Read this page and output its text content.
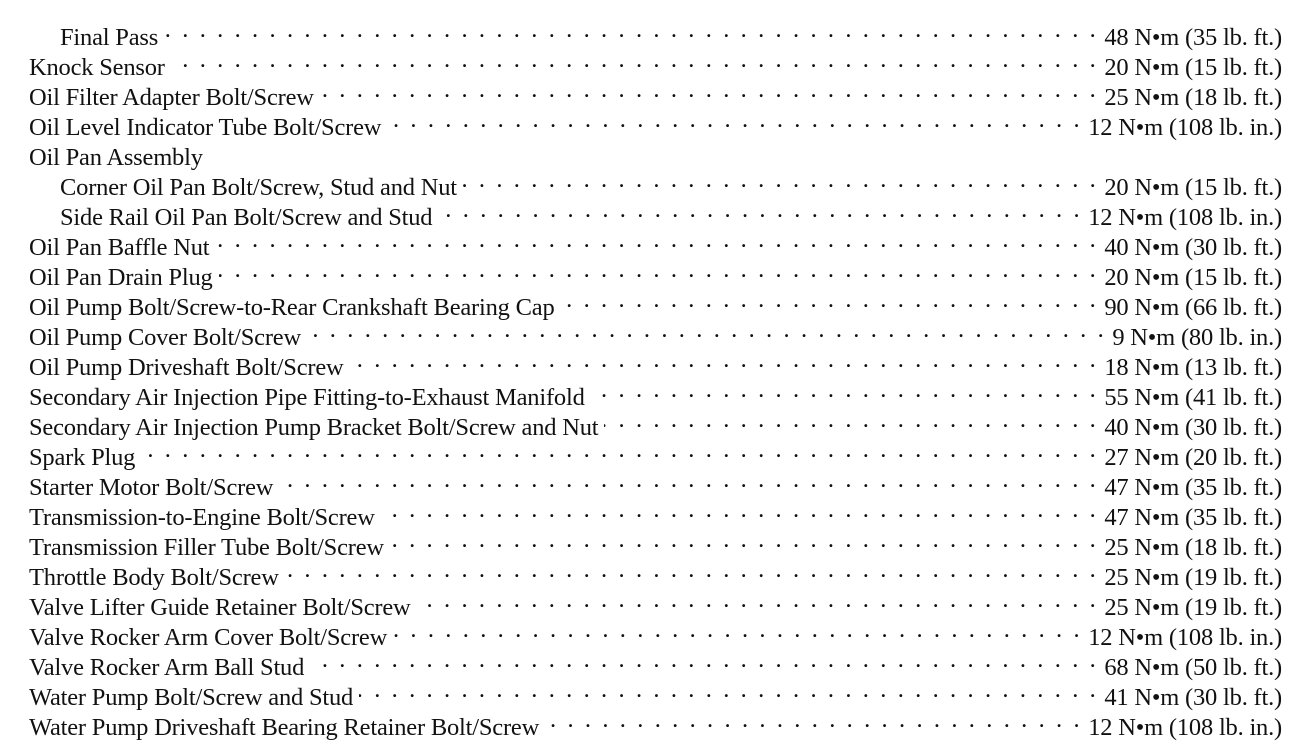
Final Pass . . .	48 N•m (35 lb. ft.)
Knock Sensor . . .	20 N•m (15 lb. ft.)
Oil Filter Adapter Bolt/Screw . . .	25 N•m (18 lb. ft.)
Oil Level Indicator Tube Bolt/Screw . . .	12 N•m (108 lb. in.)
Oil Pan Assembly
Corner Oil Pan Bolt/Screw, Stud and Nut . . .	20 N•m (15 lb. ft.)
Side Rail Oil Pan Bolt/Screw and Stud . . .	12 N•m (108 lb. in.)
Oil Pan Baffle Nut . . .	40 N•m (30 lb. ft.)
Oil Pan Drain Plug . . .	20 N•m (15 lb. ft.)
Oil Pump Bolt/Screw-to-Rear Crankshaft Bearing Cap . . .	90 N•m (66 lb. ft.)
Oil Pump Cover Bolt/Screw . . .	9 N•m (80 lb. in.)
Oil Pump Driveshaft Bolt/Screw . . .	18 N•m (13 lb. ft.)
Secondary Air Injection Pipe Fitting-to-Exhaust Manifold . . .	55 N•m (41 lb. ft.)
Secondary Air Injection Pump Bracket Bolt/Screw and Nut . . .	40 N•m (30 lb. ft.)
Spark Plug . . .	27 N•m (20 lb. ft.)
Starter Motor Bolt/Screw . . .	47 N•m (35 lb. ft.)
Transmission-to-Engine Bolt/Screw . . .	47 N•m (35 lb. ft.)
Transmission Filler Tube Bolt/Screw . . .	25 N•m (18 lb. ft.)
Throttle Body Bolt/Screw . . .	25 N•m (19 lb. ft.)
Valve Lifter Guide Retainer Bolt/Screw . . .	25 N•m (19 lb. ft.)
Valve Rocker Arm Cover Bolt/Screw . . .	12 N•m (108 lb. in.)
Valve Rocker Arm Ball Stud . . .	68 N•m (50 lb. ft.)
Water Pump Bolt/Screw and Stud . . .	41 N•m (30 lb. ft.)
Water Pump Driveshaft Bearing Retainer Bolt/Screw . . .	12 N•m (108 lb. in.)
